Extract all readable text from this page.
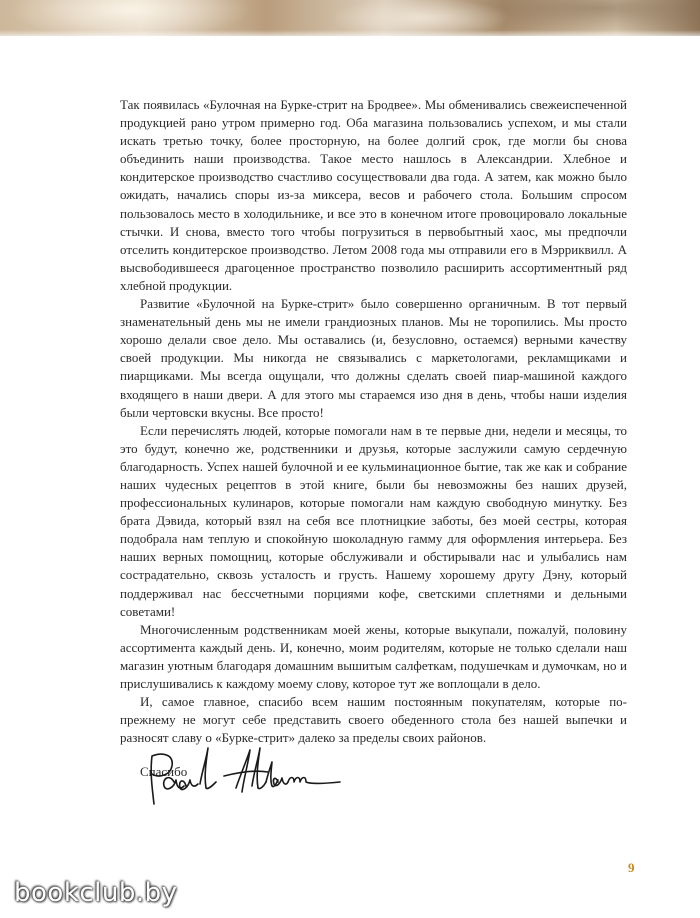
Так появилась «Булочная на Бурке-стрит на Бродвее». Мы обменивались свежеиспеченной продукцией рано утром примерно год. Оба магазина пользовались успехом, и мы стали искать третью точку, более просторную, на более долгий срок, где могли бы снова объединить наши производства. Такое место нашлось в Александрии. Хлебное и кондитерское производство счастливо сосуществовали два года. А затем, как можно было ожидать, начались споры из-за миксера, весов и рабочего стола. Большим спросом пользовалось место в холодильнике, и все это в конечном итоге провоцировало локальные стычки. И снова, вместо того чтобы погрузиться в первобытный хаос, мы предпочли отселить кондитерское производство. Летом 2008 года мы отправили его в Мэрриквилл. А высвободившееся драгоценное пространство позволило расширить ассортиментный ряд хлебной продукции.

Развитие «Булочной на Бурке-стрит» было совершенно органичным. В тот первый знаменательный день мы не имели грандиозных планов. Мы не торопились. Мы просто хорошо делали свое дело. Мы оставались (и, безусловно, остаемся) верными качеству своей продукции. Мы никогда не связывались с маркетологами, рекламщиками и пиарщиками. Мы всегда ощущали, что должны сделать своей пиар-машиной каждого входящего в наши двери. А для этого мы стараемся изо дня в день, чтобы наши изделия были чертовски вкусны. Все просто!

Если перечислять людей, которые помогали нам в те первые дни, недели и месяцы, то это будут, конечно же, родственники и друзья, которые заслужили самую сердечную благодарность. Успех нашей булочной и ее кульминационное бытие, так же как и собрание наших чудесных рецептов в этой книге, были бы невозможны без наших друзей, профессиональных кулинаров, которые помогали нам каждую свободную минутку. Без брата Дэвида, который взял на себя все плотницкие заботы, без моей сестры, которая подобрала нам теплую и спокойную шоколадную гамму для оформления интерьера. Без наших верных помощниц, которые обслуживали и обстирывали нас и улыбались нам сострадательно, сквозь усталость и грусть. Нашему хорошему другу Дэну, который поддерживал нас бессчетными порциями кофе, светскими сплетнями и дельными советами!

Многочисленным родственникам моей жены, которые выкупали, пожалуй, половину ассортимента каждый день. И, конечно, моим родителям, которые не только сделали наш магазин уютным благодаря домашним вышитым салфеткам, подушечкам и думочкам, но и прислушивались к каждому моему слову, которое тут же воплощали в дело.

И, самое главное, спасибо всем нашим постоянным покупателям, которые по-прежнему не могут себе представить своего обеденного стола без нашей выпечки и разносят славу о «Бурке-стрит» далеко за пределы своих районов.

Спасибо

9
bookclub.by
